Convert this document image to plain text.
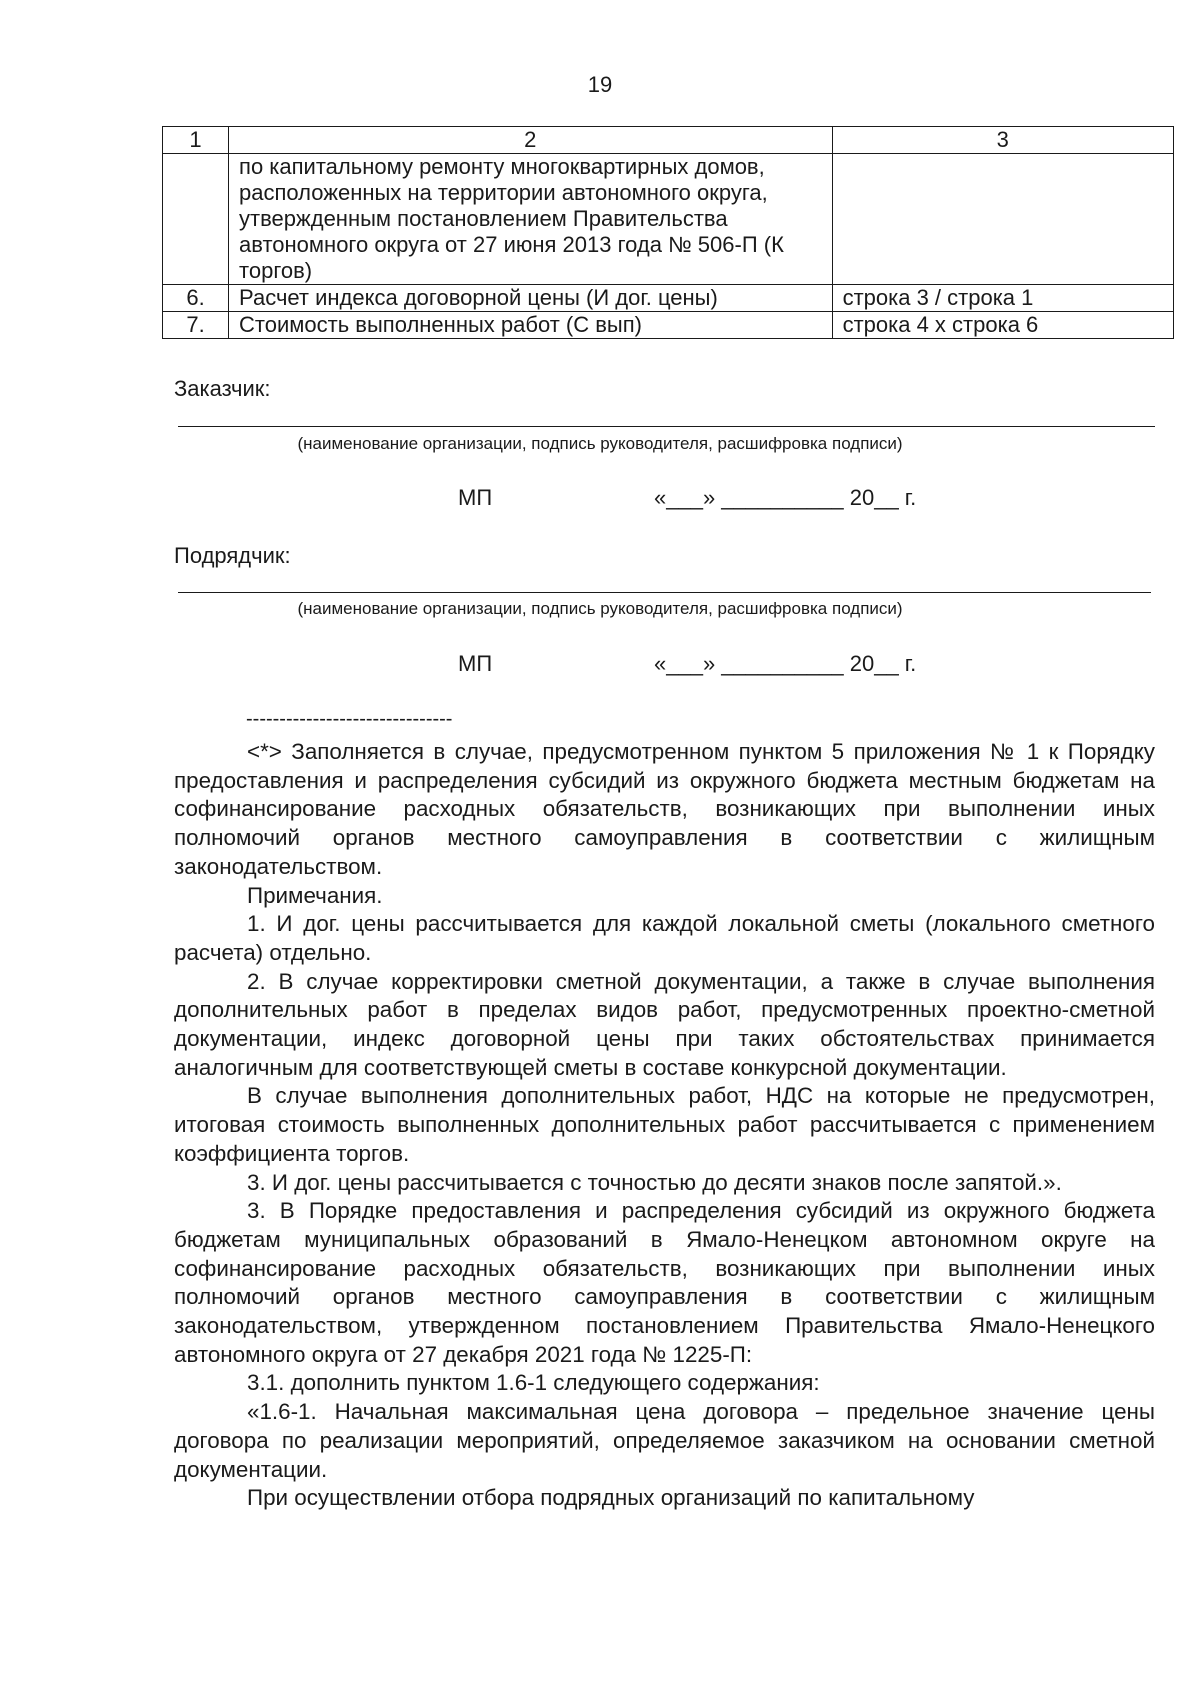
19
1	2	3
	по капитальному ремонту многоквартирных домов, расположенных на территории автономного округа, утвержденным постановлением Правительства автономного округа от 27 июня 2013 года № 506-П (К торгов)	
6.	Расчет индекса договорной цены (И дог. цены)	строка 3 / строка 1
7.	Стоимость выполненных работ (С вып)	строка 4 х строка 6
Заказчик:
(наименование организации, подпись руководителя, расшифровка подписи)
МП	«___» __________ 20__ г.
Подрядчик:
(наименование организации, подпись руководителя, расшифровка подписи)
МП	«___» __________ 20__ г.
-------------------------------

<*> Заполняется в случае, предусмотренном пунктом 5 приложения № 1 к Порядку предоставления и распределения субсидий из окружного бюджета местным бюджетам на софинансирование расходных обязательств, возникающих при выполнении иных полномочий органов местного самоуправления в соответствии с жилищным законодательством.

Примечания.

1. И дог. цены рассчитывается для каждой локальной сметы (локального сметного расчета) отдельно.

2. В случае корректировки сметной документации, а также в случае выполнения дополнительных работ в пределах видов работ, предусмотренных проектно-сметной документации, индекс договорной цены при таких обстоятельствах принимается аналогичным для соответствующей сметы в составе конкурсной документации.

В случае выполнения дополнительных работ, НДС на которые не предусмотрен, итоговая стоимость выполненных дополнительных работ рассчитывается с применением коэффициента торгов.

3. И дог. цены рассчитывается с точностью до десяти знаков после запятой.».

3. В Порядке предоставления и распределения субсидий из окружного бюджета бюджетам муниципальных образований в Ямало-Ненецком автономном округе на софинансирование расходных обязательств, возникающих при выполнении иных полномочий органов местного самоуправления в соответствии с жилищным законодательством, утвержденном постановлением Правительства Ямало-Ненецкого автономного округа от 27 декабря 2021 года № 1225-П:

3.1. дополнить пунктом 1.6-1 следующего содержания:

«1.6-1. Начальная максимальная цена договора – предельное значение цены договора по реализации мероприятий, определяемое заказчиком на основании сметной документации.

При осуществлении отбора подрядных организаций по капитальному
